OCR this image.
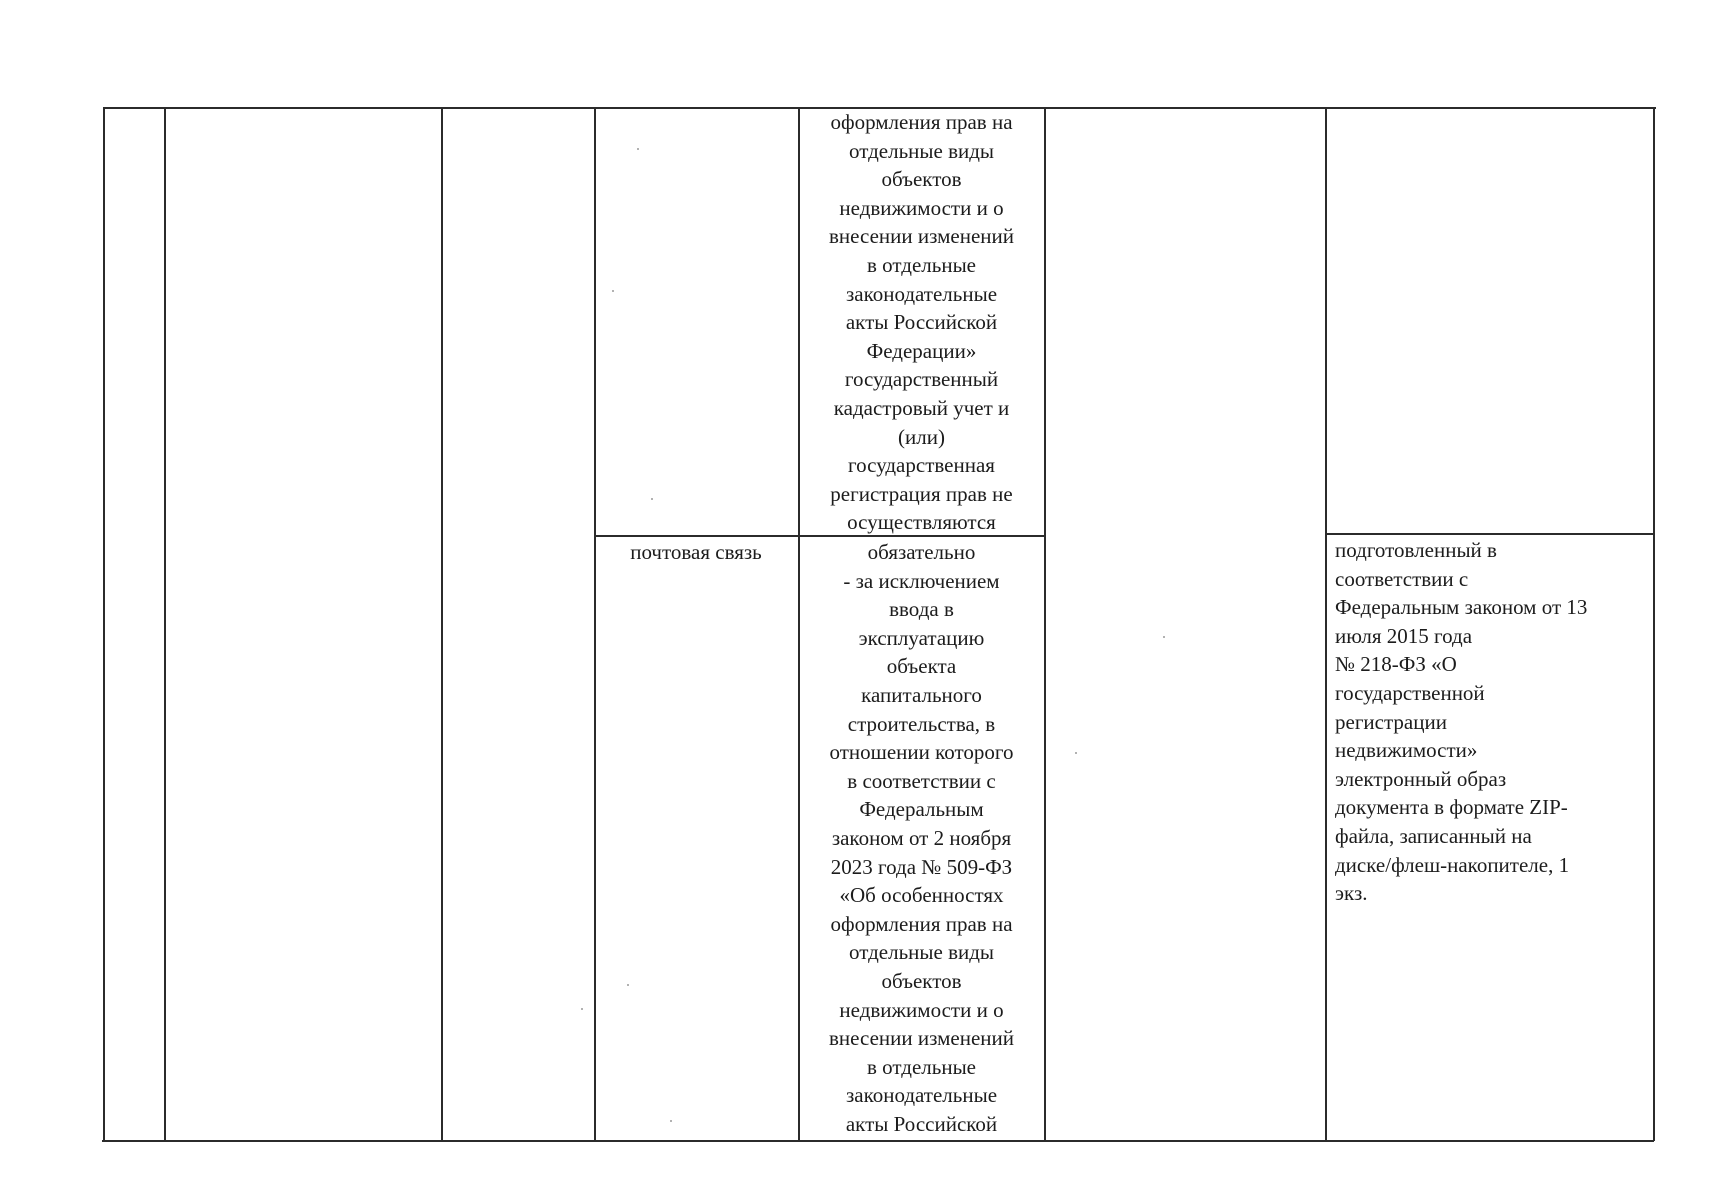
оформления прав на
отдельные виды
объектов
недвижимости и о
внесении изменений
в отдельные
законодательные
акты Российской
Федерации»
государственный
кадастровый учет и
(или)
государственная
регистрация прав не
осуществляются
почтовая связь	обязательно
- за исключением
ввода в
эксплуатацию
объекта
капитального
строительства, в
отношении которого
в соответствии с
Федеральным
законом от 2 ноября
2023 года № 509-ФЗ
«Об особенностях
оформления прав на
отдельные виды
объектов
недвижимости и о
внесении изменений
в отдельные
законодательные
акты Российской
подготовленный в
соответствии с
Федеральным законом от 13
июля 2015 года
№ 218-ФЗ «О
государственной
регистрации
недвижимости»
электронный образ
документа в формате ZIP-
файла, записанный на
диске/флеш-накопителе, 1
экз.
